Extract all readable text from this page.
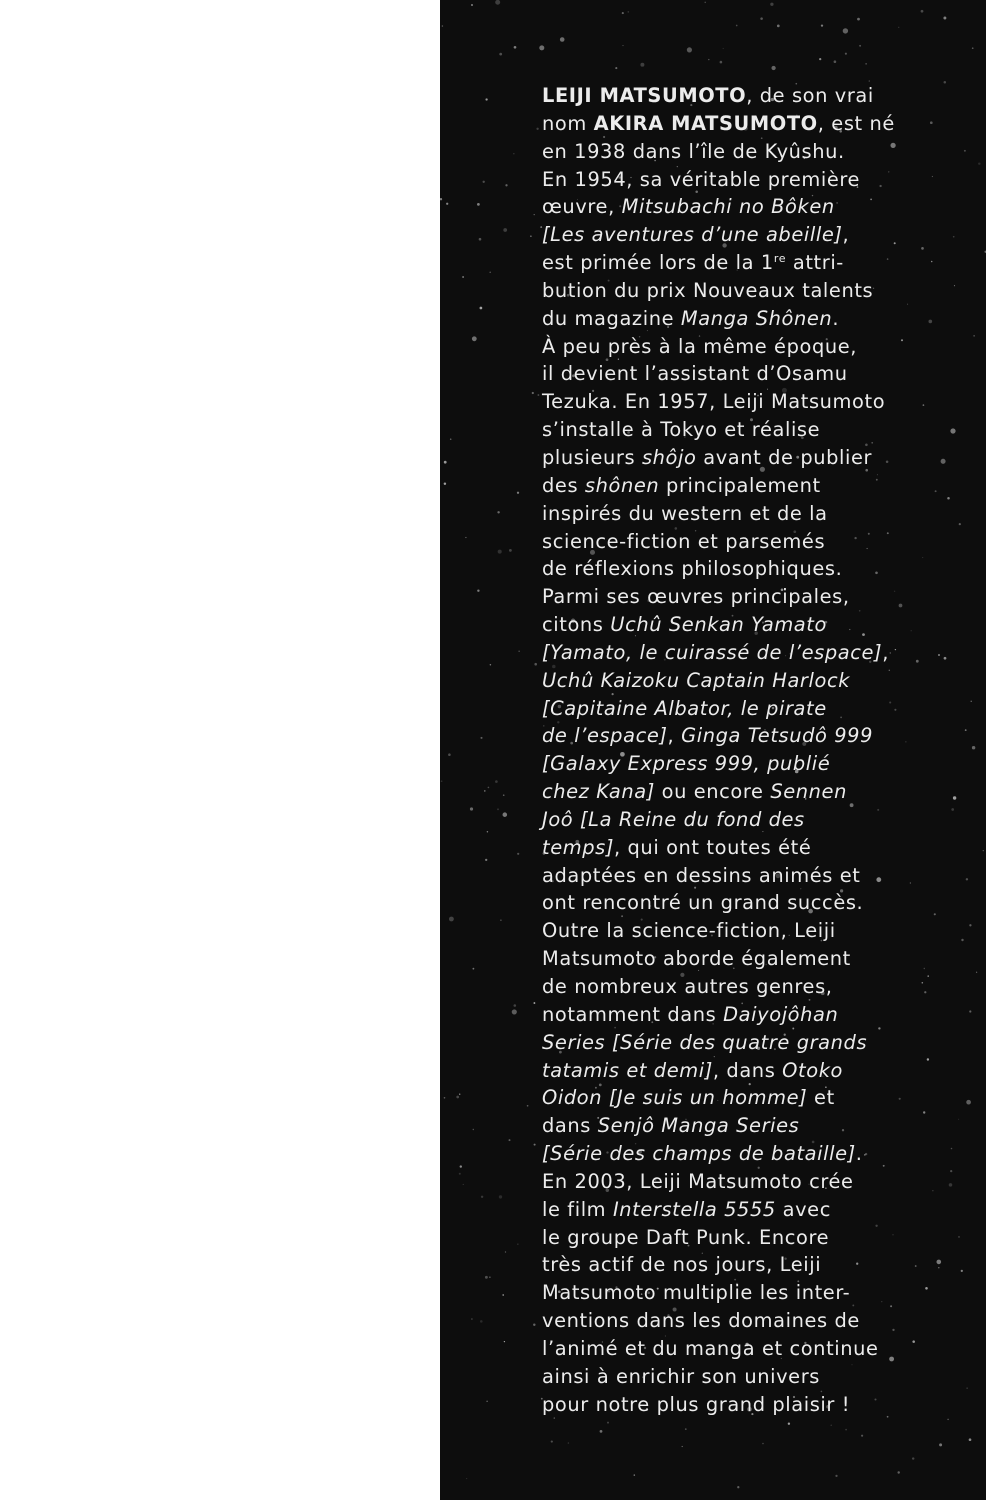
LEIJI MATSUMOTO, de son vrai
nom AKIRA MATSUMOTO, est né
en 1938 dans l’île de Kyûshu.
En 1954, sa véritable première
œuvre, Mitsubachi no Bôken
[Les aventures d’une abeille],
est primée lors de la 1re attri-
bution du prix Nouveaux talents
du magazine Manga Shônen.
À peu près à la même époque,
il devient l’assistant d’Osamu
Tezuka. En 1957, Leiji Matsumoto
s’installe à Tokyo et réalise
plusieurs shôjo avant de publier
des shônen principalement
inspirés du western et de la
science-fiction et parsemés
de réflexions philosophiques.
Parmi ses œuvres principales,
citons Uchû Senkan Yamato
[Yamato, le cuirassé de l’espace],
Uchû Kaizoku Captain Harlock
[Capitaine Albator, le pirate
de l’espace], Ginga Tetsudô 999
[Galaxy Express 999, publié
chez Kana] ou encore Sennen
Joô [La Reine du fond des
temps], qui ont toutes été
adaptées en dessins animés et
ont rencontré un grand succès.
Outre la science-fiction, Leiji
Matsumoto aborde également
de nombreux autres genres,
notamment dans Daiyojôhan
Series [Série des quatre grands
tatamis et demi], dans Otoko
Oidon [Je suis un homme] et
dans Senjô Manga Series
[Série des champs de bataille].
En 2003, Leiji Matsumoto crée
le film Interstella 5555 avec
le groupe Daft Punk. Encore
très actif de nos jours, Leiji
Matsumoto multiplie les inter-
ventions dans les domaines de
l’animé et du manga et continue
ainsi à enrichir son univers
pour notre plus grand plaisir !
